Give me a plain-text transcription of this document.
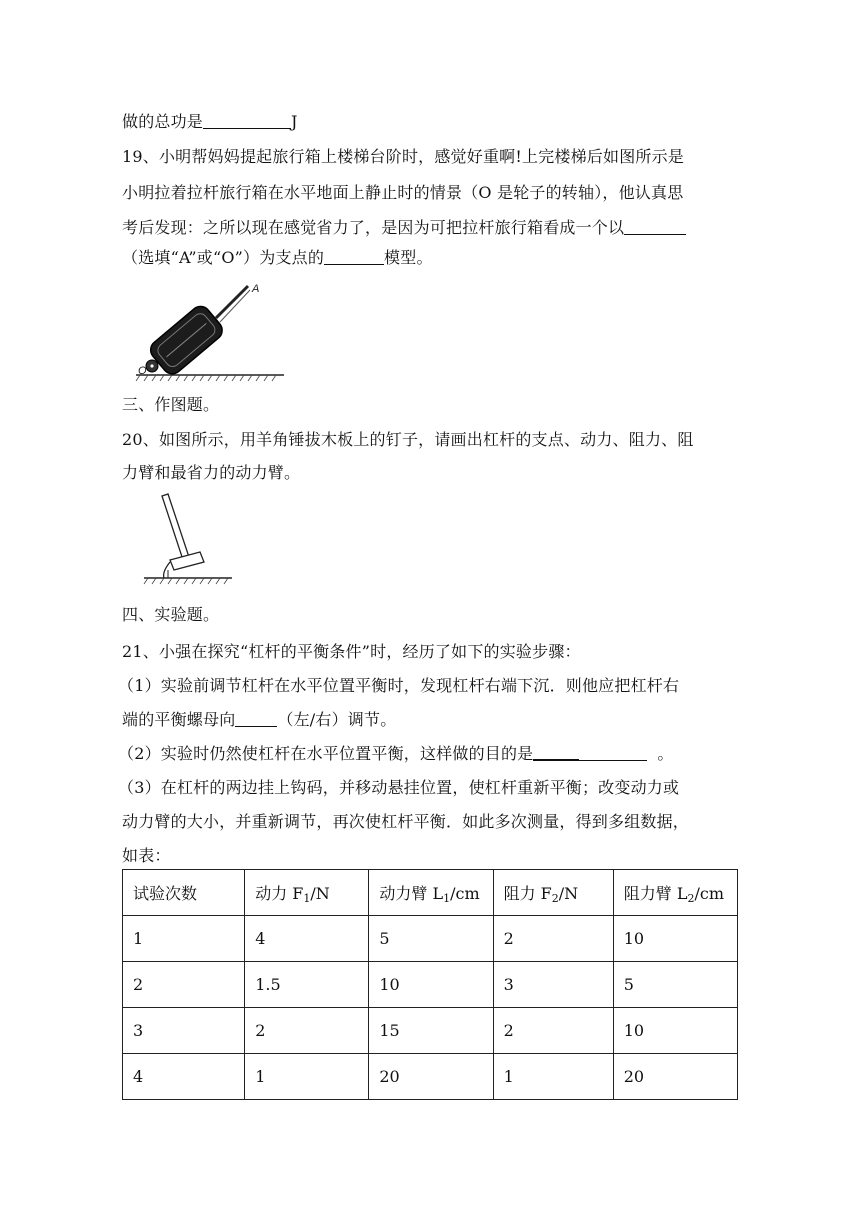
做的总功是	J
19、小明帮妈妈提起旅行箱上楼梯台阶时，感觉好重啊!上完楼梯后如图所示是
小明拉着拉杆旅行箱在水平地面上静止时的情景（O 是轮子的转轴），他认真思
考后发现：之所以现在感觉省力了，是因为可把拉杆旅行箱看成一个以
（选填“A”或“O”）为支点的	模型。
A
O
三、作图题。
20、如图所示，用羊角锤拔木板上的钉子，请画出杠杆的支点、动力、阻力、阻
力臂和最省力的动力臂。
四、实验题。
21、小强在探究“杠杆的平衡条件”时，经历了如下的实验步骤：
（1）实验前调节杠杆在水平位置平衡时，发现杠杆右端下沉．则他应把杠杆右
端的平衡螺母向	（左/右）调节。
（2）实验时仍然使杠杆在水平位置平衡，这样做的目的是	。
（3）在杠杆的两边挂上钩码，并移动悬挂位置，使杠杆重新平衡；改变动力或
动力臂的大小，并重新调节，再次使杠杆平衡．如此多次测量，得到多组数据，
如表：
试验次数	动力 $F_1/N$	动力臂 $L_1/cm$	阻力 $F_2/N$	阻力臂 $L_2/cm$
1	4	5	2	10
2	1.5	10	3	5
3	2	15	2	10
4	1	20	1	20
